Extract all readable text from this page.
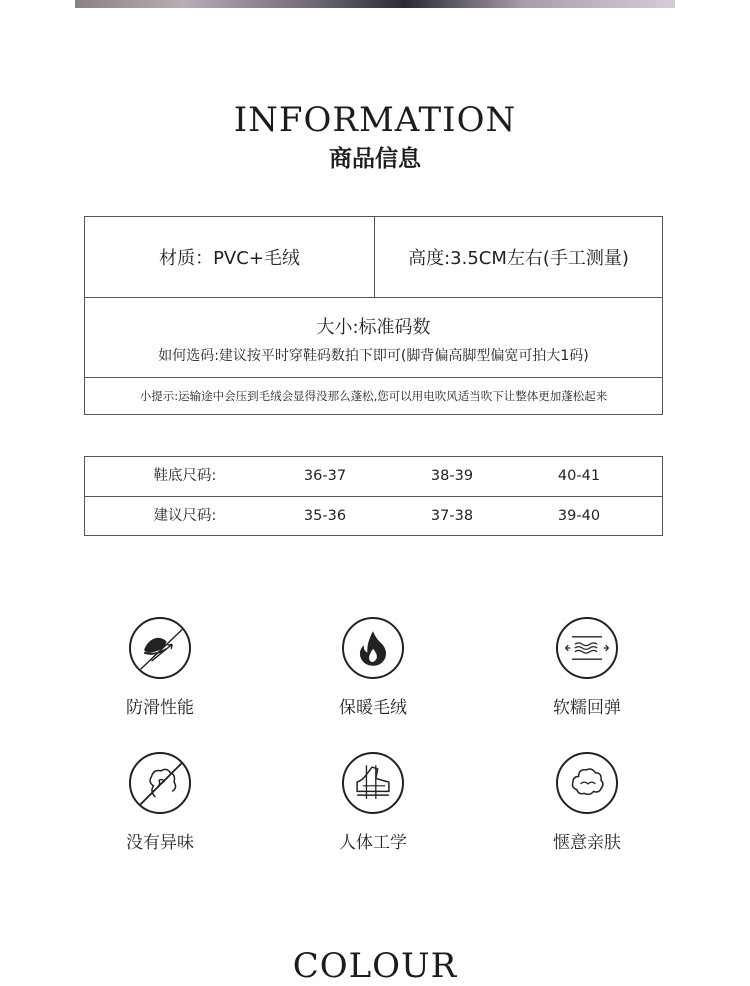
INFORMATION
商品信息
材质：PVC+毛绒	高度:3.5CM左右(手工测量)
大小:标准码数
如何选码:建议按平时穿鞋码数拍下即可(脚背偏高脚型偏宽可拍大1码)
小提示:运输途中会压到毛绒会显得没那么蓬松,您可以用电吹风适当吹下让整体更加蓬松起来
鞋底尺码:	36-37	38-39	40-41
建议尺码:	35-36	37-38	39-40
防滑性能	保暖毛绒	软糯回弹
没有异味	人体工学	惬意亲肤
COLOUR
